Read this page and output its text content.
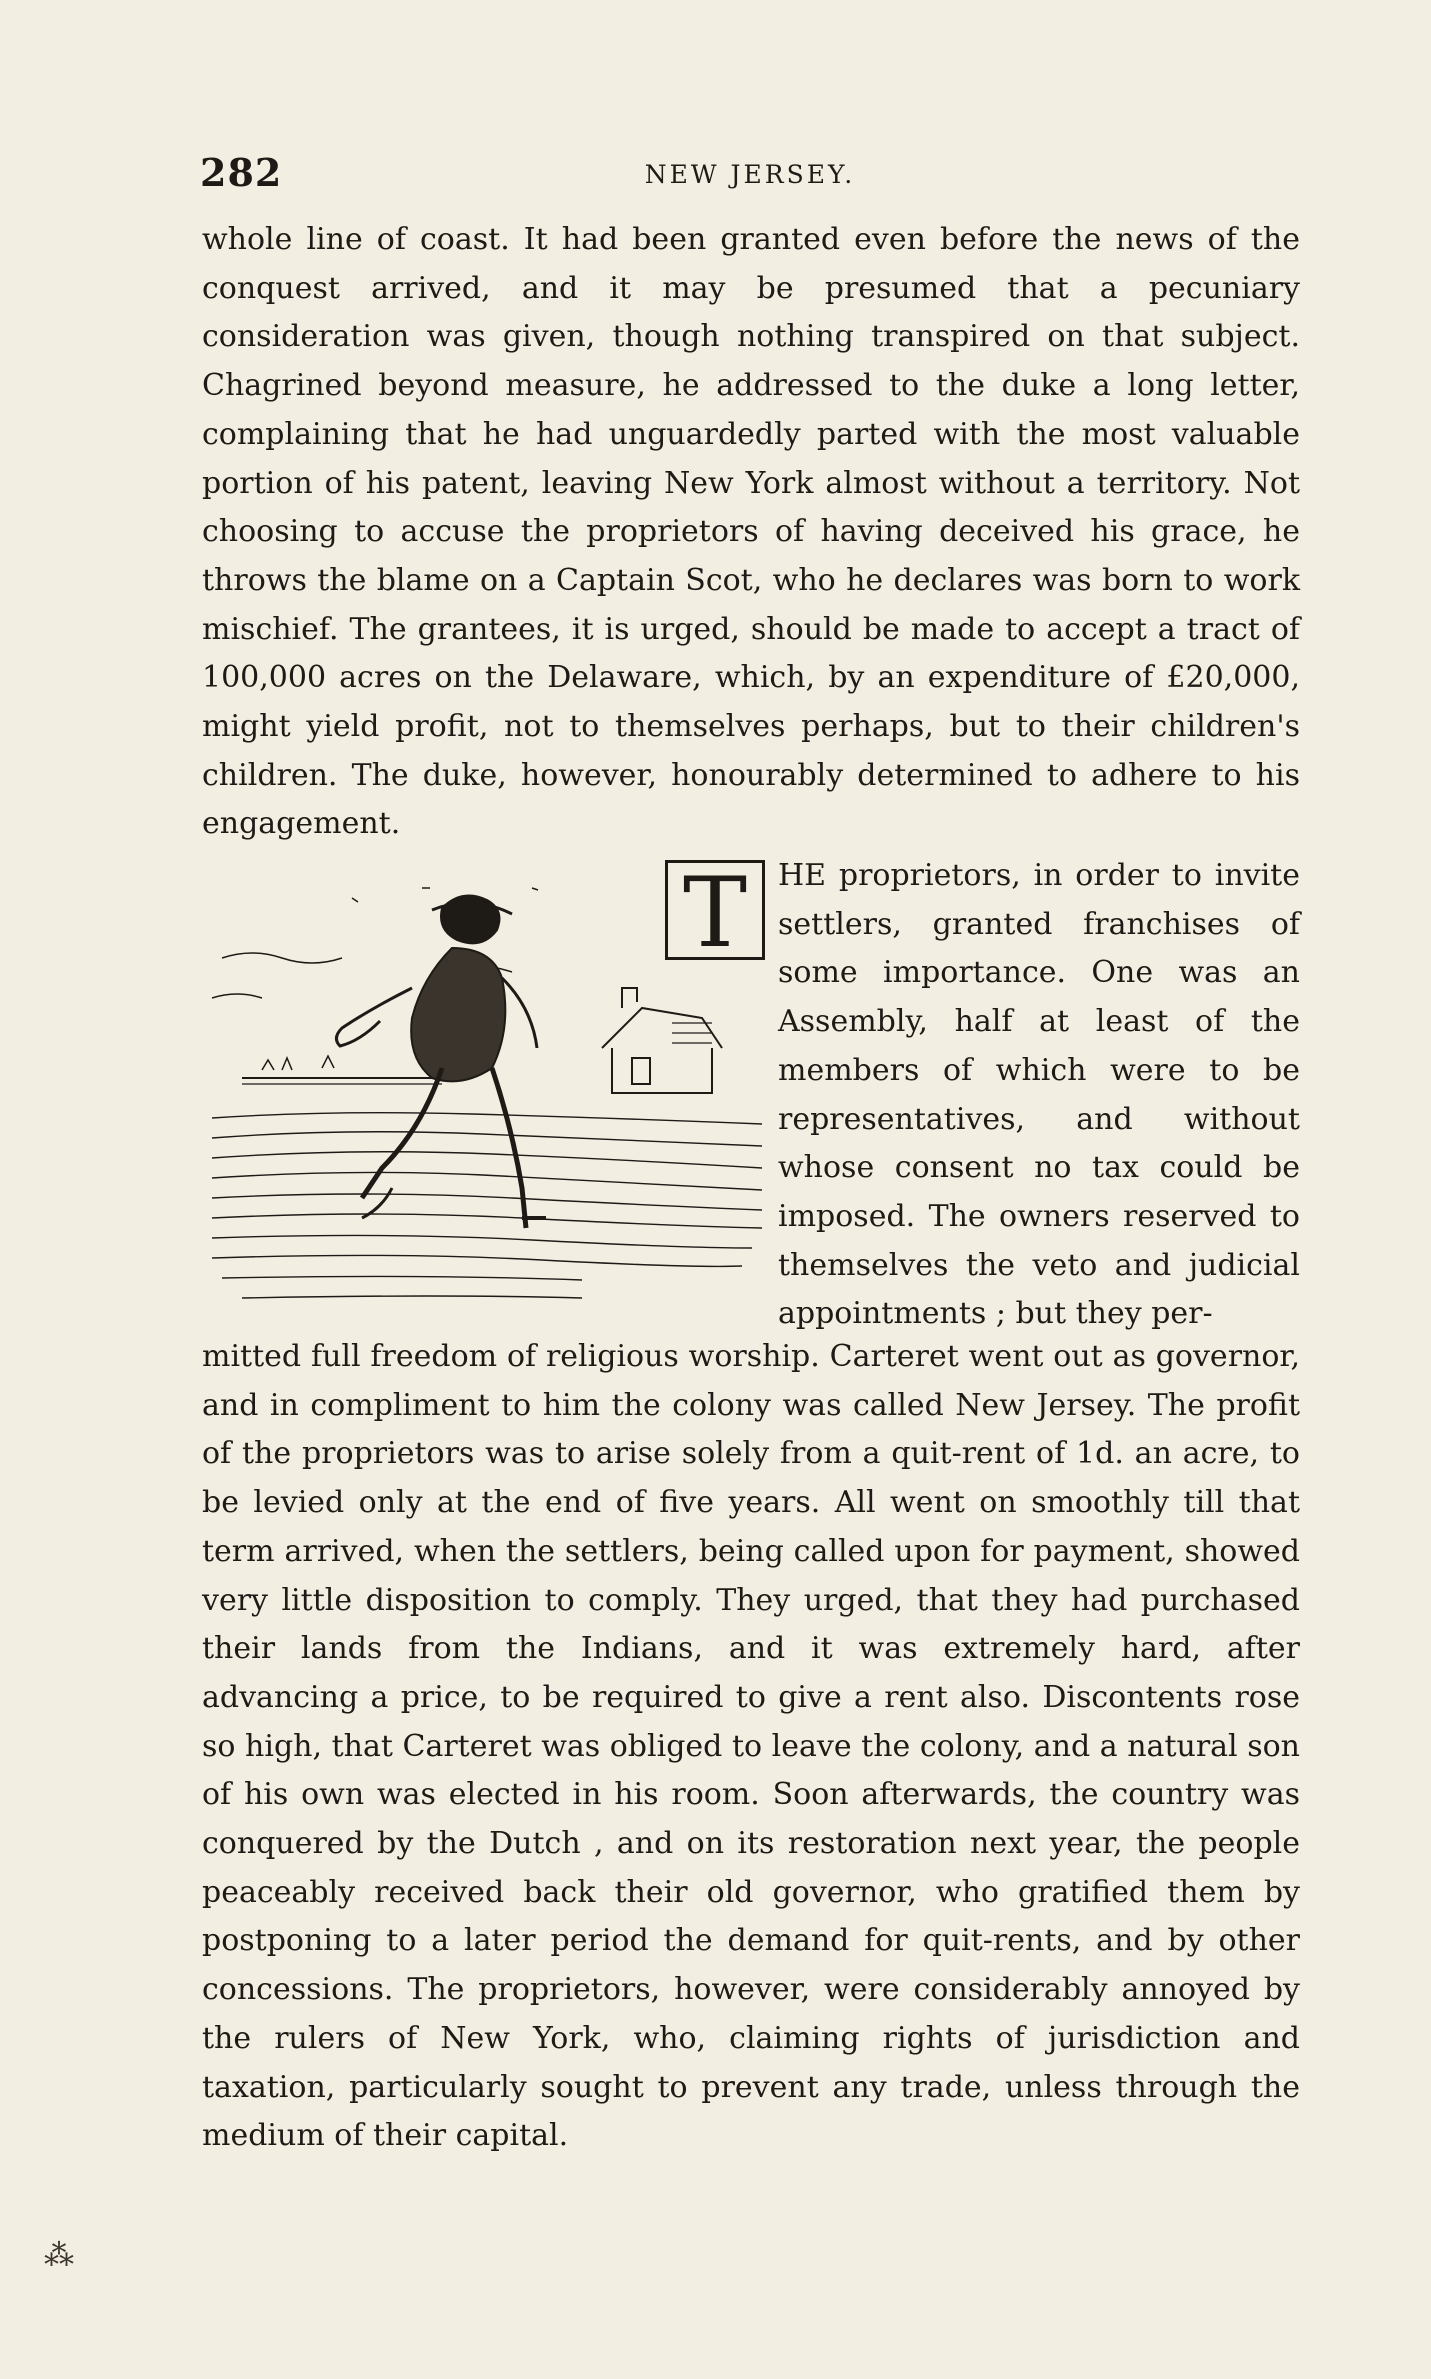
282	NEW JERSEY.

whole line of coast. It had been granted even before the news of the conquest arrived, and it may be presumed that a pecuniary consideration was given, though nothing transpired on that subject. Chagrined beyond measure, he addressed to the duke a long letter, complaining that he had unguardedly parted with the most valuable portion of his patent, leaving New York almost without a territory. Not choosing to accuse the proprietors of having deceived his grace, he throws the blame on a Captain Scot, who he declares was born to work mischief. The grantees, it is urged, should be made to accept a tract of 100,000 acres on the Delaware, which, by an expenditure of £20,000, might yield profit, not to themselves perhaps, but to their children's children. The duke, however, honourably determined to adhere to his engagement.

T	HE proprietors, in order to invite settlers, granted franchises of some importance. One was an Assembly, half at least of the members of which were to be representatives, and without whose consent no tax could be imposed. The owners reserved to themselves the veto and judicial appointments ; but they per-

mitted full freedom of religious worship. Carteret went out as governor, and in compliment to him the colony was called New Jersey. The profit of the proprietors was to arise solely from a quit-rent of 1d. an acre, to be levied only at the end of five years. All went on smoothly till that term arrived, when the settlers, being called upon for payment, showed very little disposition to comply. They urged, that they had purchased their lands from the Indians, and it was extremely hard, after advancing a price, to be required to give a rent also. Discontents rose so high, that Carteret was obliged to leave the colony, and a natural son of his own was elected in his room. Soon afterwards, the country was conquered by the Dutch , and on its restoration next year, the people peaceably received back their old governor, who gratified them by postponing to a later period the demand for quit-rents, and by other concessions. The proprietors, however, were considerably annoyed by the rulers of New York, who, claiming rights of jurisdiction and taxation, particularly sought to prevent any trade, unless through the medium of their capital.

⁂
